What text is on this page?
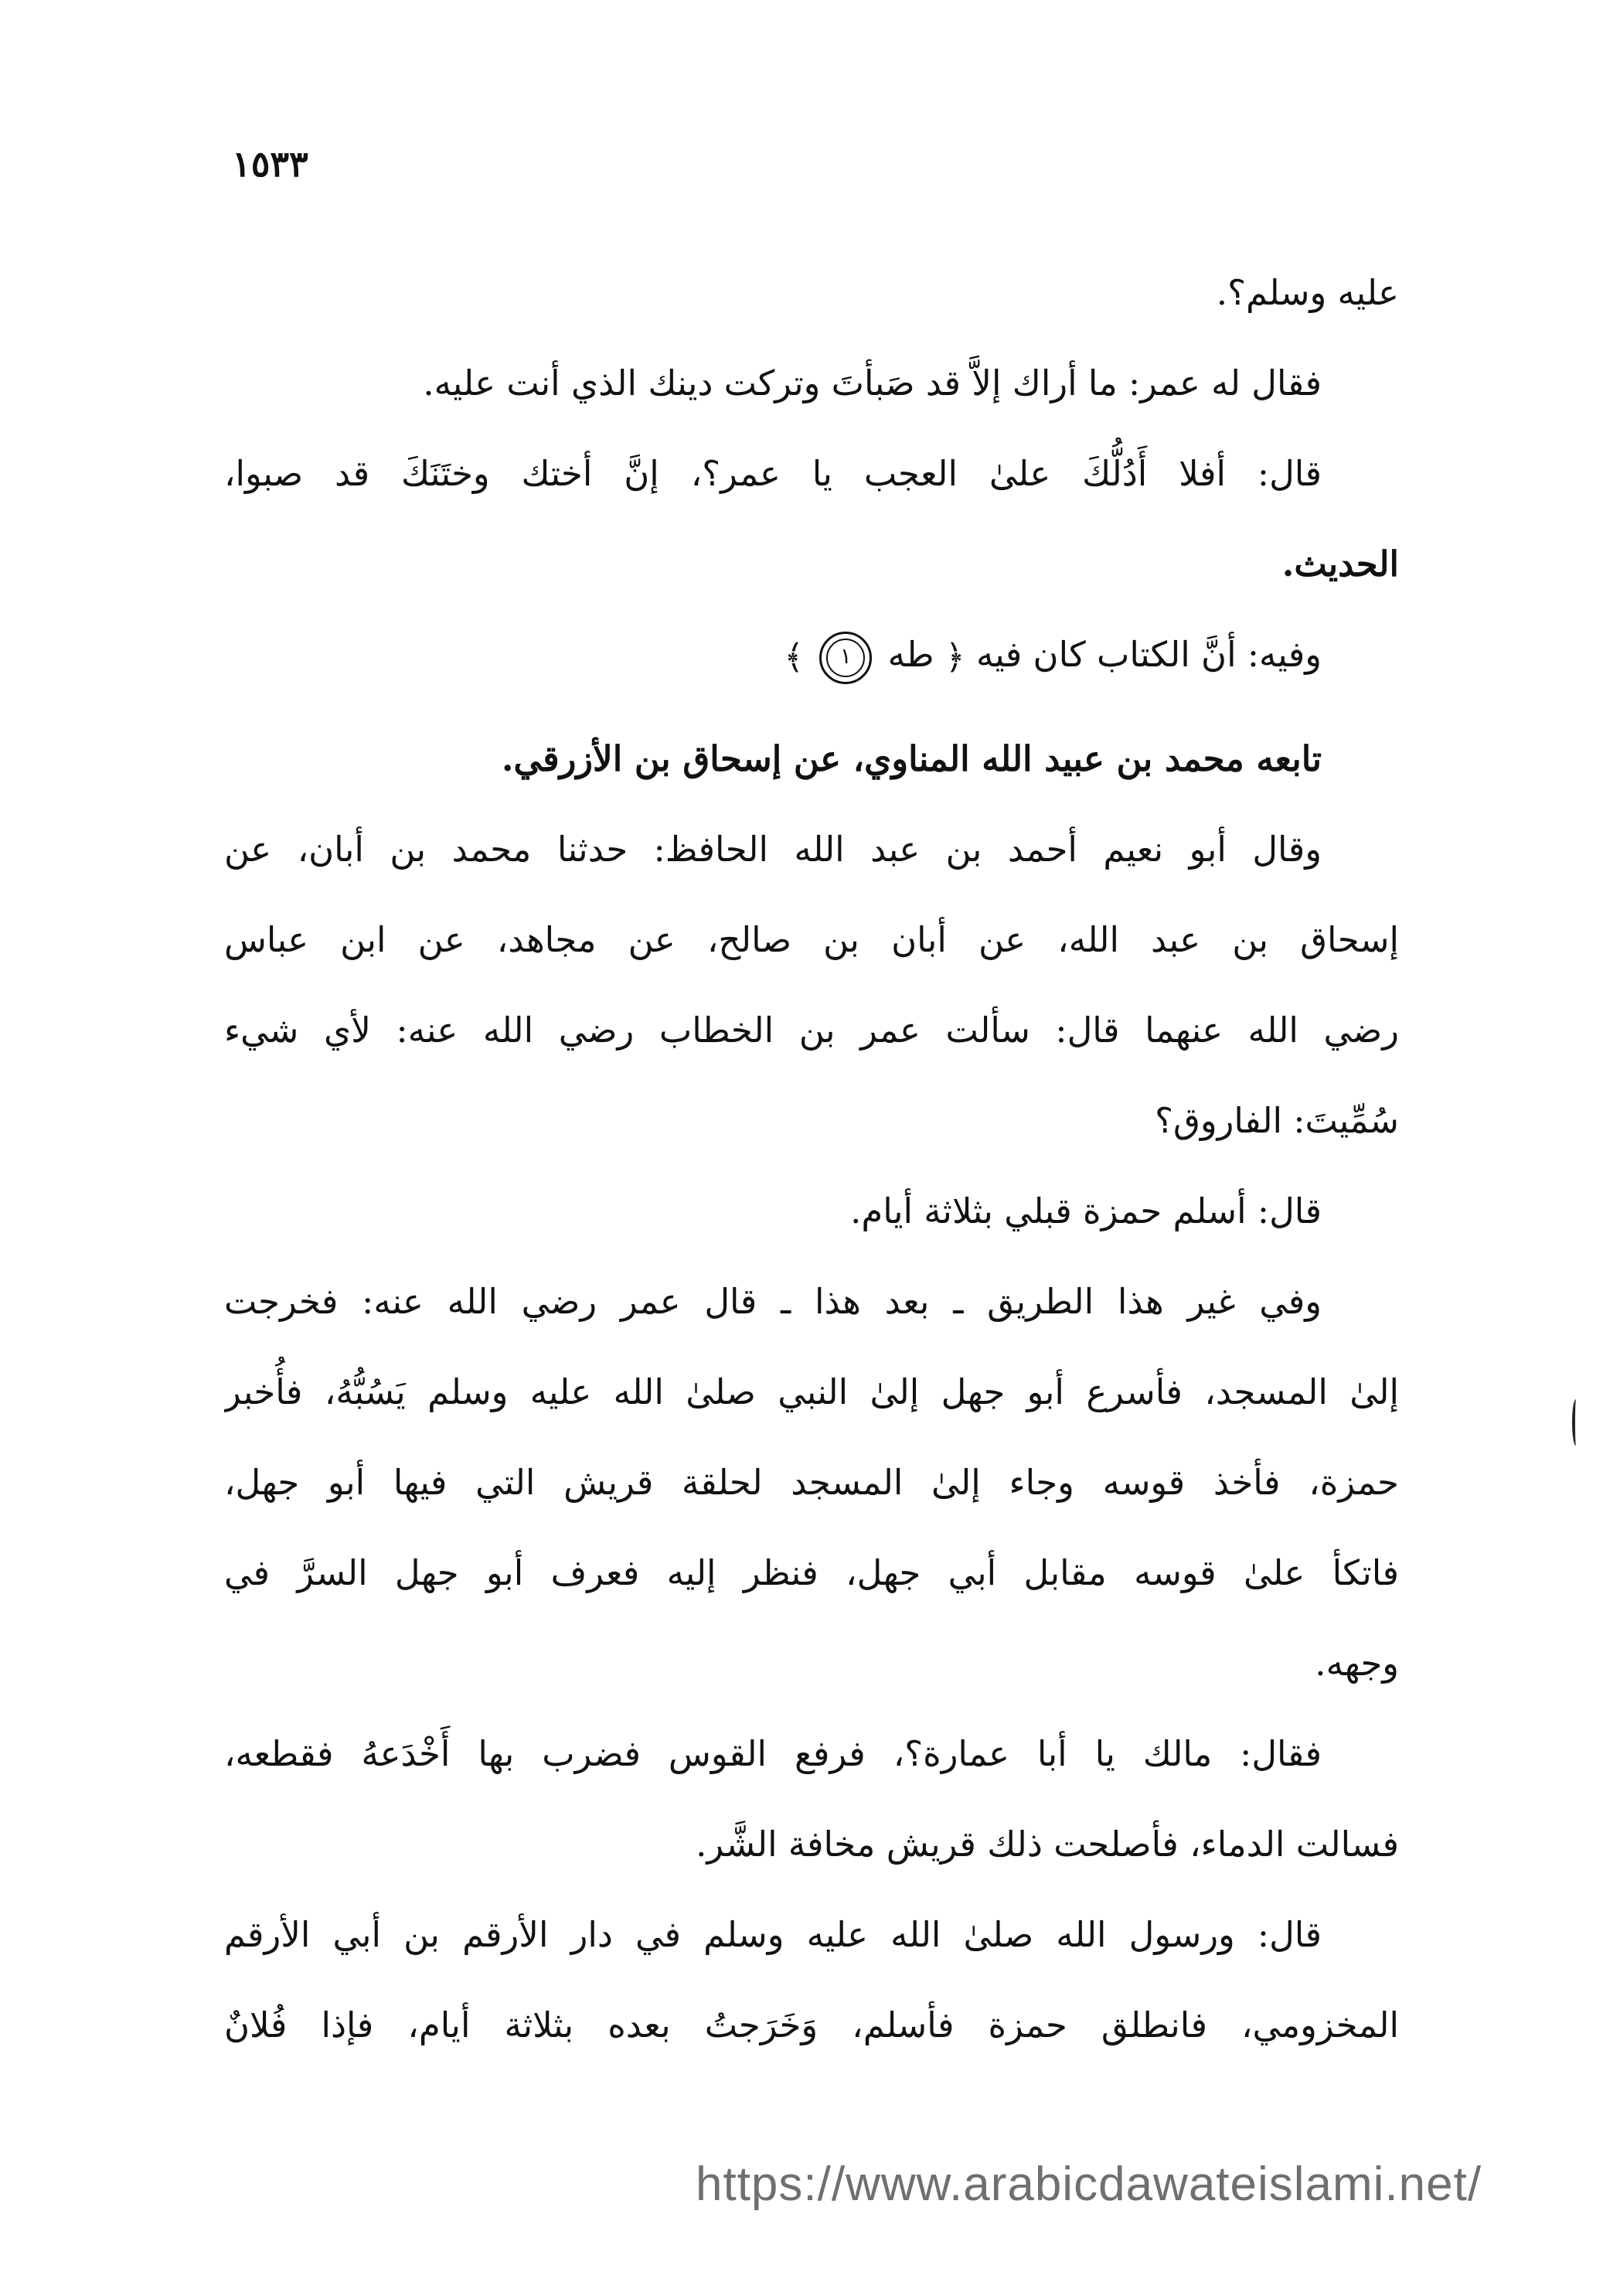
١٥٣٣
عليه وسلم؟.
فقال له عمر: ما أراك إلاَّ قد صَبأتَ وتركت دينك الذي أنت عليه.
قال: أفلا أَدُلُّكَ علىٰ العجب يا عمر؟، إنَّ أختك وختَنَكَ قد صبوا،
الحديث.
وفيه: أنَّ الكتاب كان فيه ﴿ طه ١ ﴾
تابعه محمد بن عبيد الله المناوي، عن إسحاق بن الأزرقي.
وقال أبو نعيم أحمد بن عبد الله الحافظ: حدثنا محمد بن أبان، عن
إسحاق بن عبد الله، عن أبان بن صالح، عن مجاهد، عن ابن عباس
رضي الله عنهما قال: سألت عمر بن الخطاب رضي الله عنه: لأي شيء
سُمِّيتَ: الفاروق؟
قال: أسلم حمزة قبلي بثلاثة أيام.
وفي غير هذا الطريق ـ بعد هذا ـ قال عمر رضي الله عنه: فخرجت
إلىٰ المسجد، فأسرع أبو جهل إلىٰ النبي صلىٰ الله عليه وسلم يَسُبُّهُ، فأُخبر
حمزة، فأخذ قوسه وجاء إلىٰ المسجد لحلقة قريش التي فيها أبو جهل،
فاتكأ علىٰ قوسه مقابل أبي جهل، فنظر إليه فعرف أبو جهل السرَّ في
وجهه.
فقال: مالك يا أبا عمارة؟، فرفع القوس فضرب بها أَخْدَعهُ فقطعه،
فسالت الدماء، فأصلحت ذلك قريش مخافة الشَّر.
قال: ورسول الله صلىٰ الله عليه وسلم في دار الأرقم بن أبي الأرقم
المخزومي، فانطلق حمزة فأسلم، وَخَرَجتُ بعده بثلاثة أيام، فإذا فُلانٌ
https://www.arabicdawateislami.net/
